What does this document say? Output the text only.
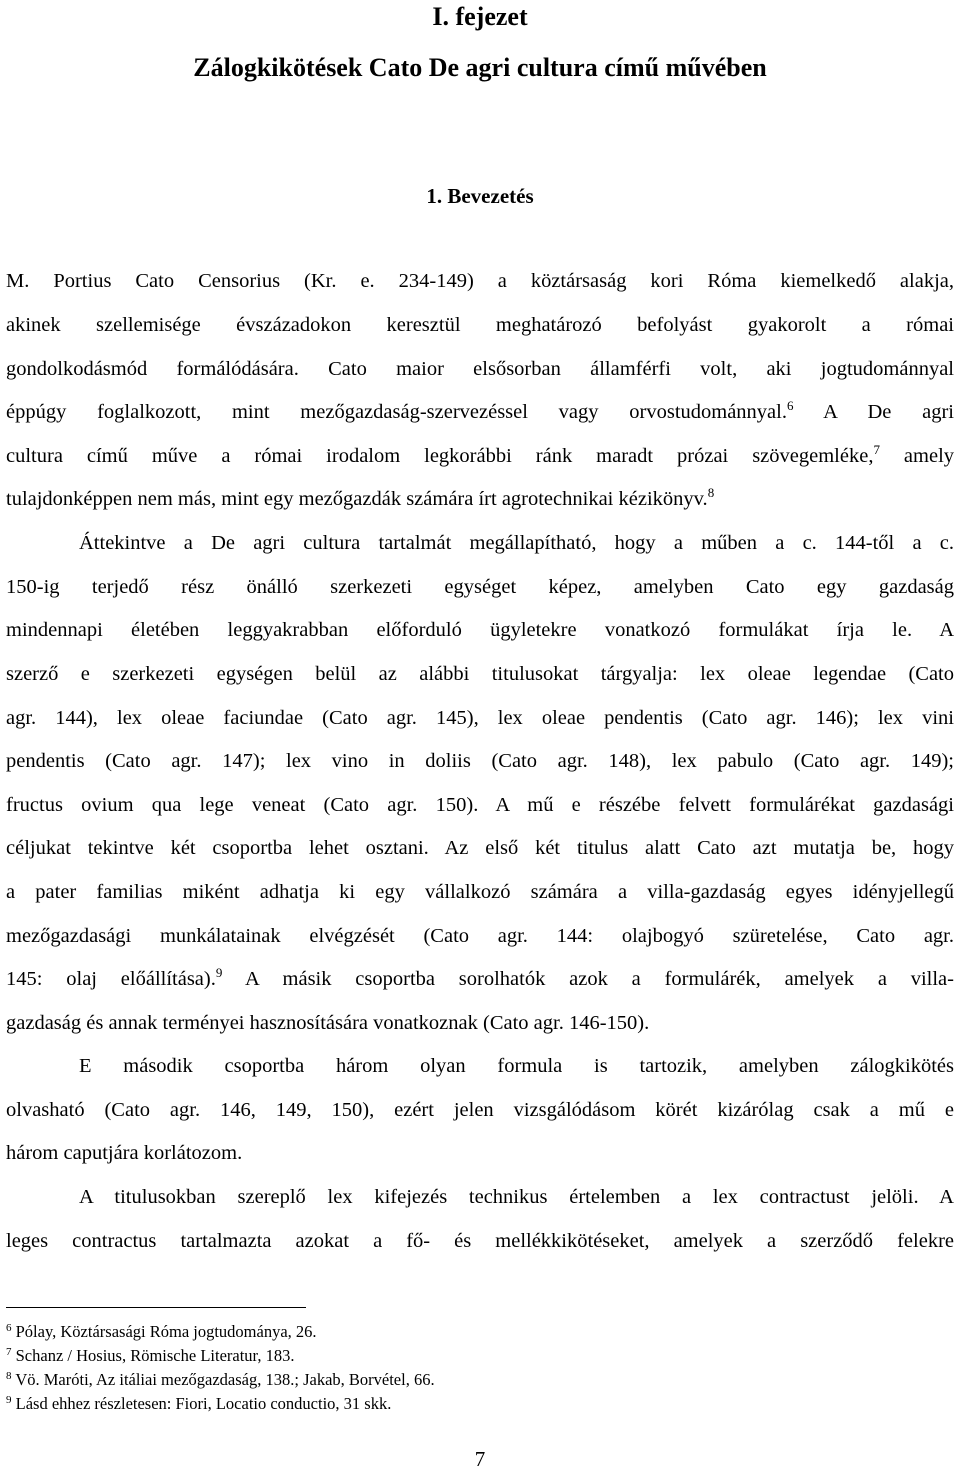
I. fejezet
Zálogkikötések Cato De agri cultura című művében
1. Bevezetés
M. Portius Cato Censorius (Kr. e. 234-149) a köztársaság kori Róma kiemelkedő alakja,
akinek szellemisége évszázadokon keresztül meghatározó befolyást gyakorolt a római
gondolkodásmód formálódására. Cato maior elsősorban államférfi volt, aki jogtudománnyal
éppúgy foglalkozott, mint mezőgazdaság-szervezéssel vagy orvostudománnyal.$^6$ A De agri
cultura című műve a római irodalom legkorábbi ránk maradt prózai szövegemléke,$^7$ amely
tulajdonképpen nem más, mint egy mezőgazdák számára írt agrotechnikai kézikönyv.$^8$
Áttekintve a De agri cultura tartalmát megállapítható, hogy a műben a c. 144-től a c.
150-ig terjedő rész önálló szerkezeti egységet képez, amelyben Cato egy gazdaság
mindennapi életében leggyakrabban előforduló ügyletekre vonatkozó formulákat írja le. A
szerző e szerkezeti egységen belül az alábbi titulusokat tárgyalja: lex oleae legendae (Cato
agr. 144), lex oleae faciundae (Cato agr. 145), lex oleae pendentis (Cato agr. 146); lex vini
pendentis (Cato agr. 147); lex vino in doliis (Cato agr. 148), lex pabulo (Cato agr. 149);
fructus ovium qua lege veneat (Cato agr. 150). A mű e részébe felvett formulárékat gazdasági
céljukat tekintve két csoportba lehet osztani. Az első két titulus alatt Cato azt mutatja be, hogy
a pater familias miként adhatja ki egy vállalkozó számára a villa-gazdaság egyes idényjellegű
mezőgazdasági munkálatainak elvégzését (Cato agr. 144: olajbogyó szüretelése, Cato agr.
145: olaj előállítása).$^9$ A másik csoportba sorolhatók azok a formulárék, amelyek a villa-
gazdaság és annak terményei hasznosítására vonatkoznak (Cato agr. 146-150).
E második csoportba három olyan formula is tartozik, amelyben zálogkikötés
olvasható (Cato agr. 146, 149, 150), ezért jelen vizsgálódásom körét kizárólag csak a mű e
három caputjára korlátozom.
A titulusokban szereplő lex kifejezés technikus értelemben a lex contractust jelöli. A
leges contractus tartalmazta azokat a fő- és mellékkikötéseket, amelyek a szerződő felekre
$^6$ Pólay, Köztársasági Róma jogtudománya, 26.
$^7$ Schanz / Hosius, Römische Literatur, 183.
$^8$ Vö. Maróti, Az itáliai mezőgazdaság, 138.; Jakab, Borvétel, 66.
$^9$ Lásd ehhez részletesen: Fiori, Locatio conductio, 31 skk.
7
